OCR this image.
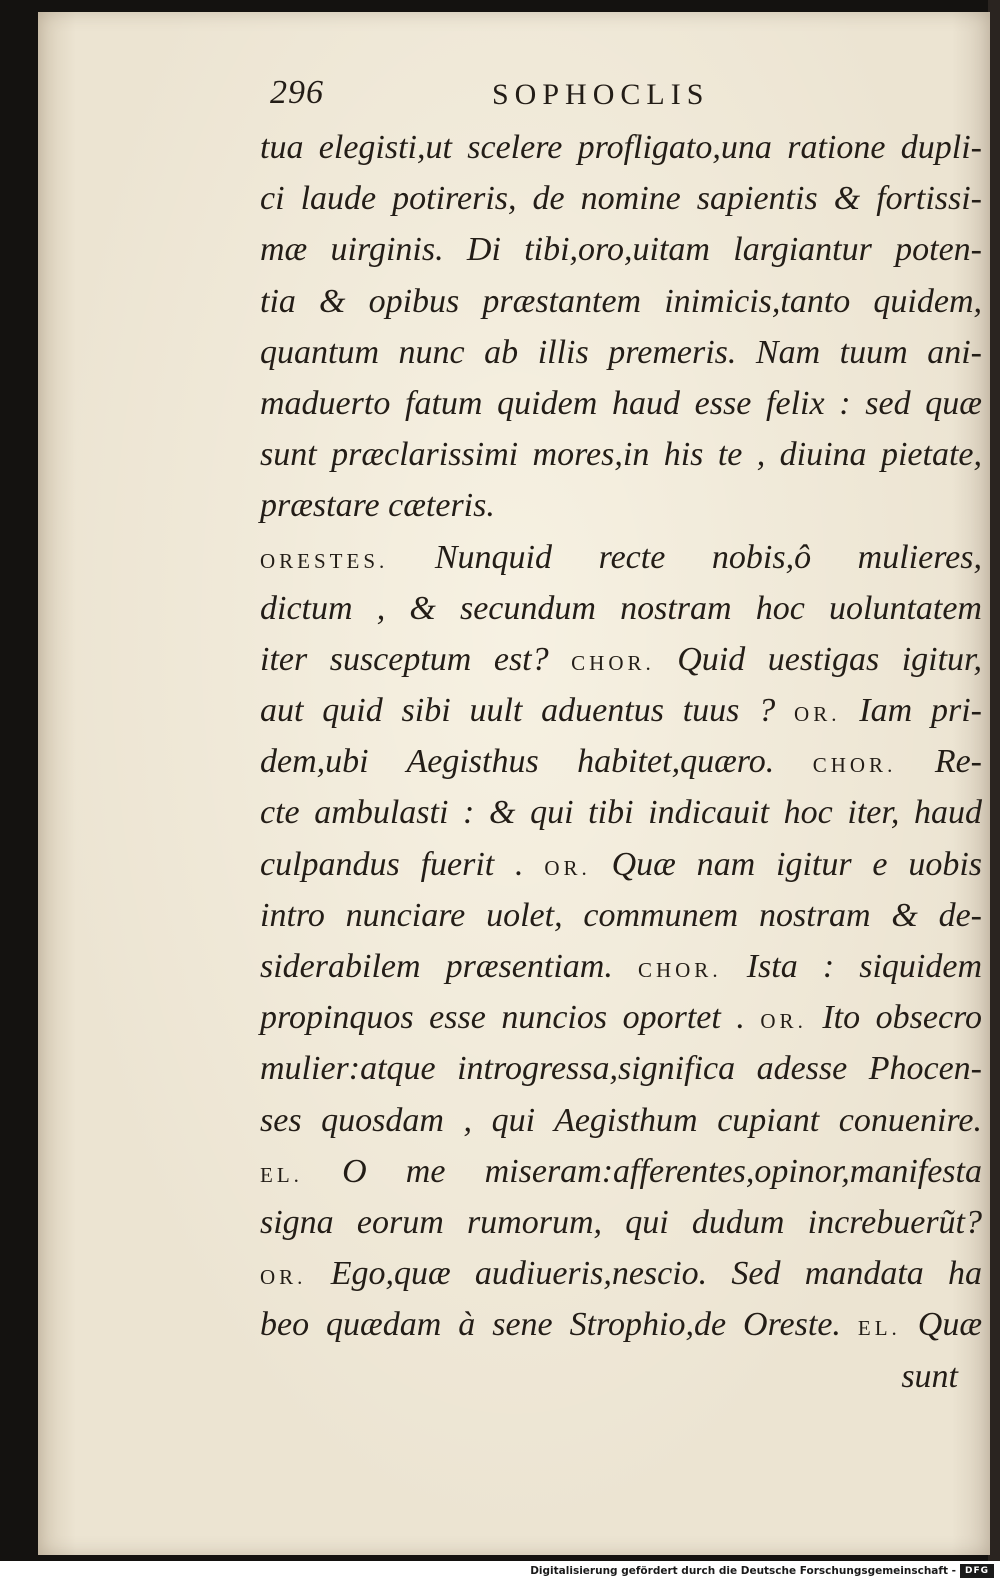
296	SOPHOCLIS
tua elegisti,ut scelere profligato,una ratione dupli-
ci laude potireris, de nomine sapientis & fortissi-
mæ uirginis. Di tibi,oro,uitam largiantur poten-
tia & opibus præstantem inimicis,tanto quidem,
quantum nunc ab illis premeris. Nam tuum ani-
maduerto fatum quidem haud esse felix : sed quæ
sunt præclarissimi mores,in his te , diuina pietate,
præstare cæteris.
ORESTES. Nunquid recte nobis,ô mulieres,
dictum , & secundum nostram hoc uoluntatem
iter susceptum est? CHOR. Quid uestigas igitur,
aut quid sibi uult aduentus tuus ? OR. Iam pri-
dem,ubi Aegisthus habitet,quæro. CHOR. Re-
cte ambulasti : & qui tibi indicauit hoc iter, haud
culpandus fuerit . OR. Quæ nam igitur e uobis
intro nunciare uolet, communem nostram & de-
siderabilem præsentiam. CHOR. Ista : siquidem
propinquos esse nuncios oportet . OR. Ito obsecro
mulier:atque introgressa,significa adesse Phocen-
ses quosdam , qui Aegisthum cupiant conuenire.
EL. O me miseram:afferentes,opinor,manifesta
signa eorum rumorum, qui dudum increbuerũt?
OR. Ego,quæ audiueris,nescio. Sed mandata ha
beo quædam à sene Strophio,de Oreste. EL. Quæ
sunt
Digitalisierung gefördert durch die Deutsche Forschungsgemeinschaft - DFG
